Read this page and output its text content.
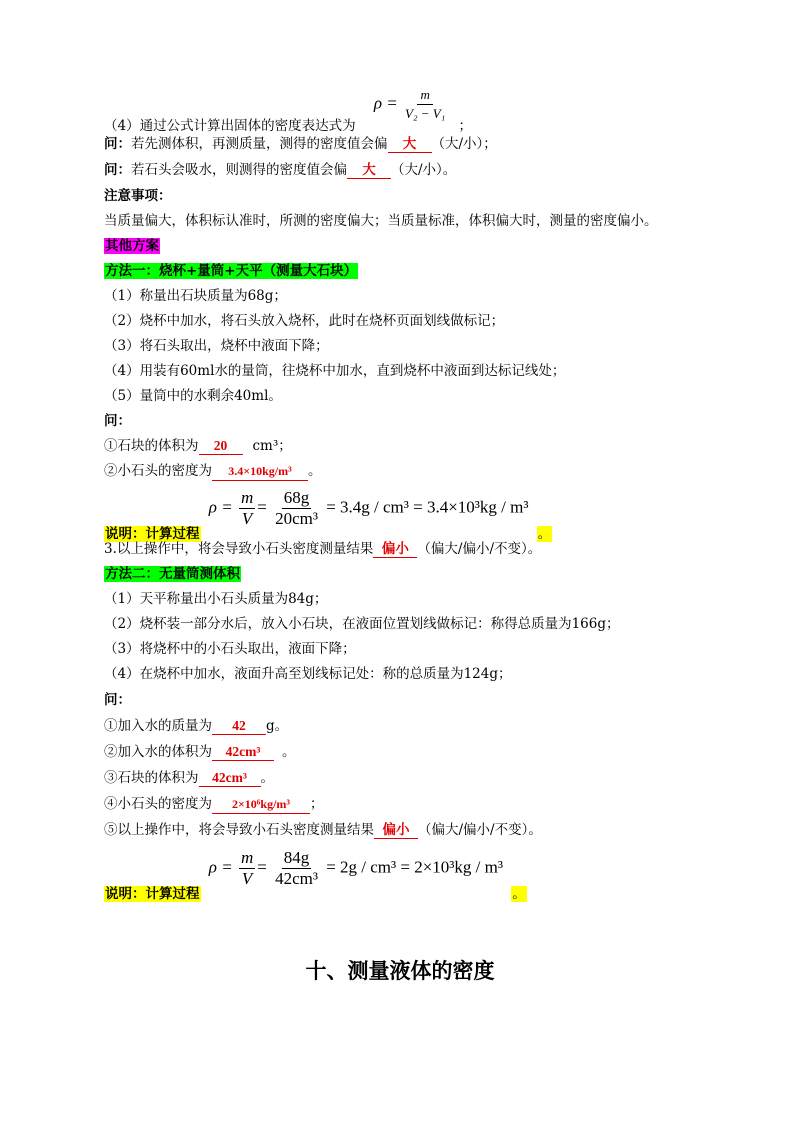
（4）通过公式计算出固体的密度表达式为 $\rho = \frac{m}{\text{V₂ − V₁}}$
；
问：若先测体积，再测质量，测得的密度值会偏 大 （大/小）；
问：若石头会吸水，则测得的密度值会偏 大 （大/小）。
注意事项：
当质量偏大，体积标认准时，所测的密度偏大；当质量标准，体积偏大时，测量的密度偏小。
其他方案
方法一：烧杯+量筒+天平（测量大石块）
（1）称量出石块质量为68g；
（2）烧杯中加水，将石头放入烧杯，此时在烧杯页面划线做标记；
（3）将石头取出，烧杯中液面下降；
（4）用装有60ml水的量筒，往烧杯中加水，直到烧杯中液面到达标记线处；
（5）量筒中的水剩余40ml。
问：
①石块的体积为 20 cm³；
②小石头的密度为 3.4×10kg/m³ 。
说明：计算过程 $\rho = \frac{m}{V} = \frac{68g}{\text{20cm³}} = 3.4g / cm^3 = 3.4\times 10^3kg / m^3$ 。
3.以上操作中，将会导致小石头密度测量结果 偏小 （偏大/偏小/不变）。
方法二：无量筒测体积
（1）天平称量出小石头质量为84g；
（2）烧杯装一部分水后，放入小石块，在液面位置划线做标记：称得总质量为166g；
（3）将烧杯中的小石头取出，液面下降；
（4）在烧杯中加水，液面升高至划线标记处：称的总质量为124g；
问：
①加入水的质量为 42 g。
②加入水的体积为 42cm³ 。
③石块的体积为 42cm³ 。
④小石头的密度为 2×10⁶kg/m³ ；
⑤以上操作中，将会导致小石头密度测量结果 偏小 （偏大/偏小/不变）。
说明：计算过程 $\rho = \frac{m}{V} = \frac{84g}{\text{42cm³}} = 2g / cm^3 = 2\times 10^3kg / m^3$ 。
十、测量液体的密度
